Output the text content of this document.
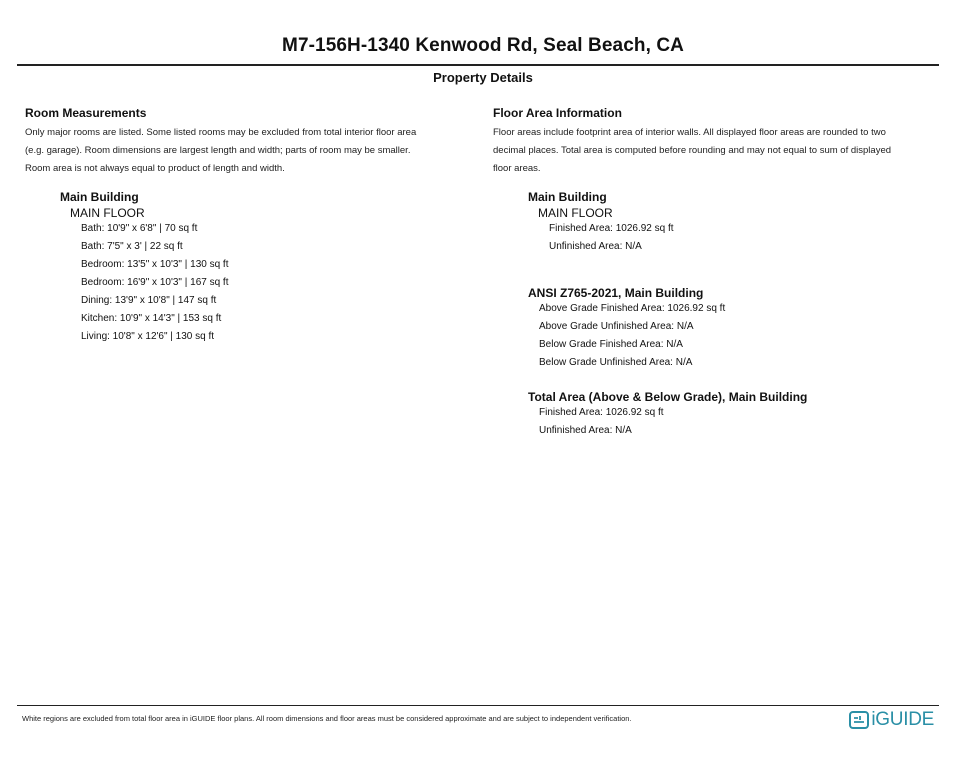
M7-156H-1340 Kenwood Rd, Seal Beach, CA
Property Details
Room Measurements

Only major rooms are listed. Some listed rooms may be excluded from total interior floor area
(e.g. garage). Room dimensions are largest length and width; parts of room may be smaller.
Room area is not always equal to product of length and width.

Main Building
MAIN FLOOR
Bath: 10'9" x 6'8" | 70 sq ft
Bath: 7'5" x 3' | 22 sq ft
Bedroom: 13'5" x 10'3" | 130 sq ft
Bedroom: 16'9" x 10'3" | 167 sq ft
Dining: 13'9" x 10'8" | 147 sq ft
Kitchen: 10'9" x 14'3" | 153 sq ft
Living: 10'8" x 12'6" | 130 sq ft
Floor Area Information

Floor areas include footprint area of interior walls. All displayed floor areas are rounded to two
decimal places. Total area is computed before rounding and may not equal to sum of displayed
floor areas.

Main Building
MAIN FLOOR
Finished Area: 1026.92 sq ft
Unfinished Area: N/A
ANSI Z765-2021, Main Building
Above Grade Finished Area: 1026.92 sq ft
Above Grade Unfinished Area: N/A
Below Grade Finished Area: N/A
Below Grade Unfinished Area: N/A
Total Area (Above & Below Grade), Main Building
Finished Area: 1026.92 sq ft
Unfinished Area: N/A
White regions are excluded from total floor area in iGUIDE floor plans. All room dimensions and floor areas must be considered approximate and are subject to independent verification.	iGUIDE
